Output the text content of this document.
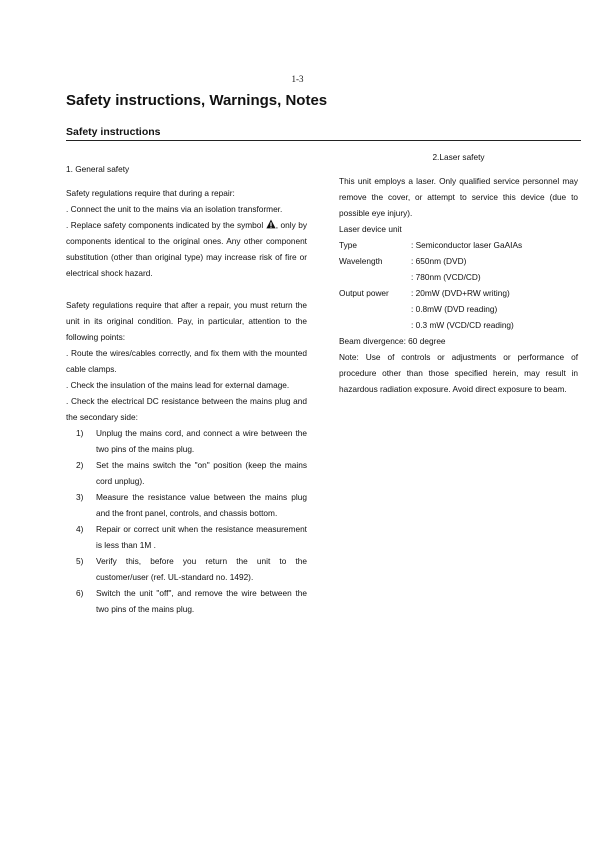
1-3
Safety instructions, Warnings, Notes
Safety instructions

1. General safety

Safety regulations require that during a repair:

. Connect the unit to the mains via an isolation transformer.

. Replace safety components indicated by the symbol , only by components identical to the original ones. Any other component substitution (other than original type) may increase risk of fire or electrical shock hazard.

Safety regulations require that after a repair, you must return the unit in its original condition. Pay, in particular, attention to the following points:

. Route the wires/cables correctly, and fix them with the mounted cable clamps.

. Check the insulation of the mains lead for external damage.

. Check the electrical DC resistance between the mains plug and the secondary side:

1) Unplug the mains cord, and connect a wire between the two pins of the mains plug.
2) Set the mains switch the "on" position (keep the mains cord unplug).
3) Measure the resistance value between the mains plug and the front panel, controls, and chassis bottom.
4) Repair or correct unit when the resistance measurement is less than 1M .
5) Verify this, before you return the unit to the customer/user (ref. UL-standard no. 1492).
6) Switch the unit "off", and remove the wire between the two pins of the mains plug.

2.Laser safety

This unit employs a laser. Only qualified service personnel may remove the cover, or attempt to service this device (due to possible eye injury).

Laser device unit

Type	: Semiconductor laser GaAIAs
Wavelength	: 650nm (DVD)
: 780nm (VCD/CD)
Output power	: 20mW (DVD+RW writing)
: 0.8mW (DVD reading)
: 0.3 mW (VCD/CD reading)

Beam divergence: 60 degree

Note: Use of controls or adjustments or performance of procedure other than those specified herein, may result in hazardous radiation exposure. Avoid direct exposure to beam.
